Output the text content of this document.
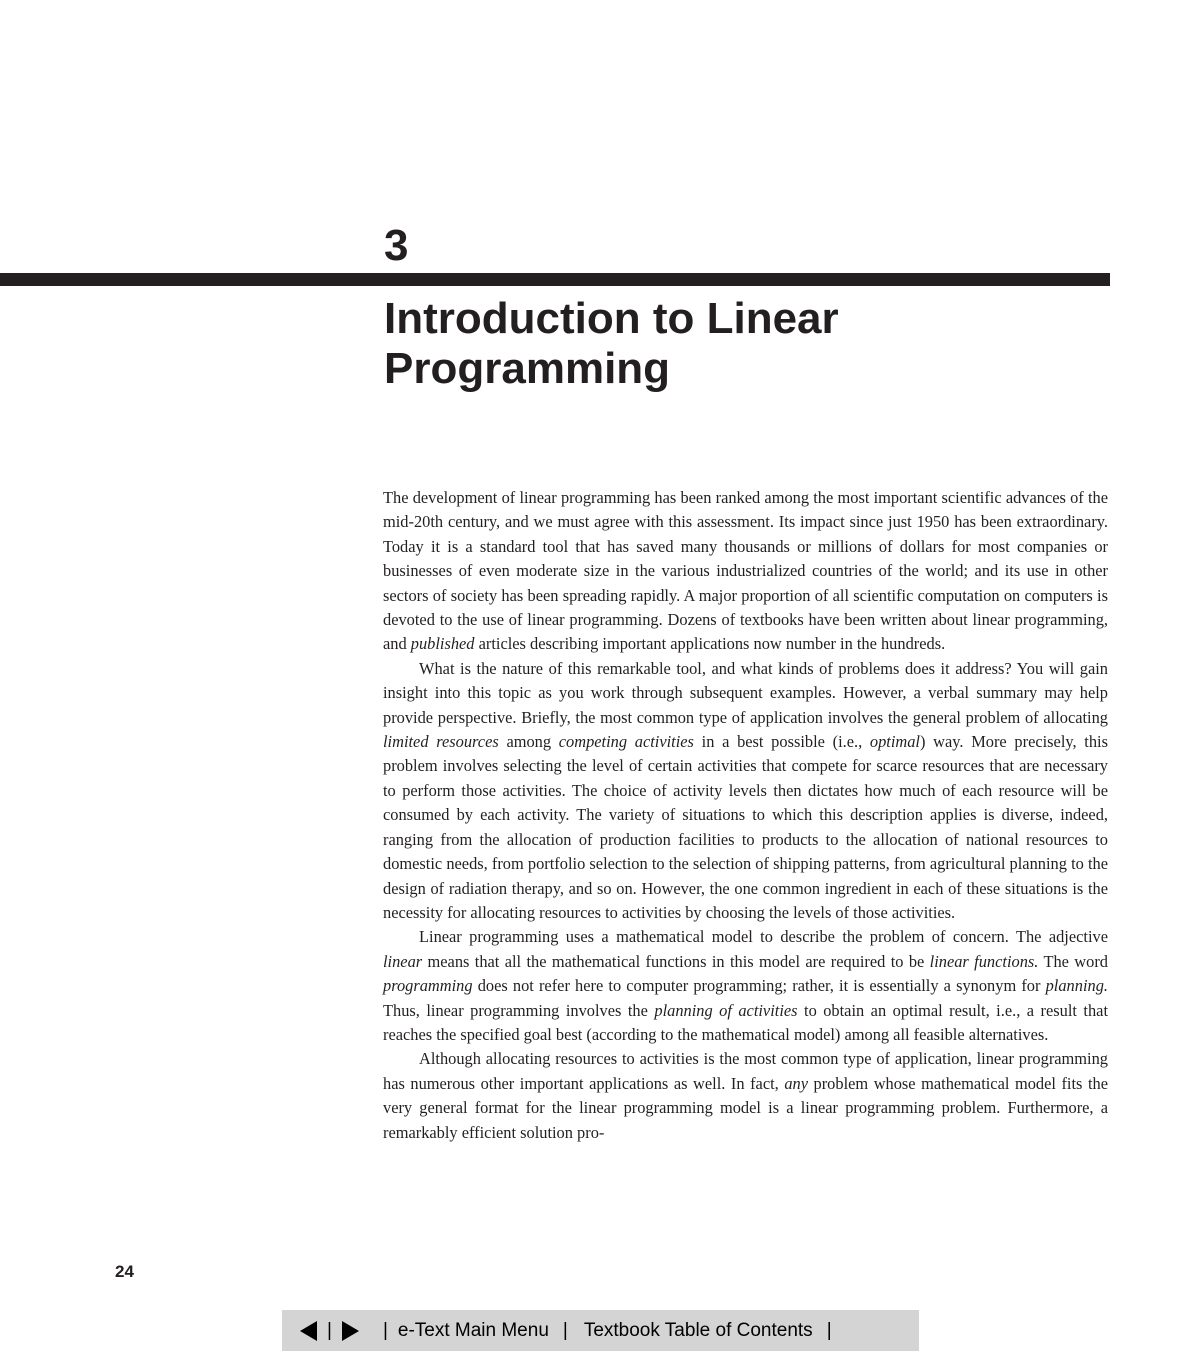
3
Introduction to Linear Programming

The development of linear programming has been ranked among the most important scientific advances of the mid-20th century, and we must agree with this assessment. Its impact since just 1950 has been extraordinary. Today it is a standard tool that has saved many thousands or millions of dollars for most companies or businesses of even moderate size in the various industrialized countries of the world; and its use in other sectors of society has been spreading rapidly. A major proportion of all scientific computation on computers is devoted to the use of linear programming. Dozens of textbooks have been written about linear programming, and published articles describing important applications now number in the hundreds.

What is the nature of this remarkable tool, and what kinds of problems does it address? You will gain insight into this topic as you work through subsequent examples. However, a verbal summary may help provide perspective. Briefly, the most common type of application involves the general problem of allocating limited resources among competing activities in a best possible (i.e., optimal) way. More precisely, this problem involves selecting the level of certain activities that compete for scarce resources that are necessary to perform those activities. The choice of activity levels then dictates how much of each resource will be consumed by each activity. The variety of situations to which this description applies is diverse, indeed, ranging from the allocation of production facilities to products to the allocation of national resources to domestic needs, from portfolio selection to the selection of shipping patterns, from agricultural planning to the design of radiation therapy, and so on. However, the one common ingredient in each of these situations is the necessity for allocating resources to activities by choosing the levels of those activities.

Linear programming uses a mathematical model to describe the problem of concern. The adjective linear means that all the mathematical functions in this model are required to be linear functions. The word programming does not refer here to computer programming; rather, it is essentially a synonym for planning. Thus, linear programming involves the planning of activities to obtain an optimal result, i.e., a result that reaches the specified goal best (according to the mathematical model) among all feasible alternatives.

Although allocating resources to activities is the most common type of application, linear programming has numerous other important applications as well. In fact, any problem whose mathematical model fits the very general format for the linear programming model is a linear programming problem. Furthermore, a remarkably efficient solution pro-

24
|	| e-Text Main Menu | Textbook Table of Contents |
